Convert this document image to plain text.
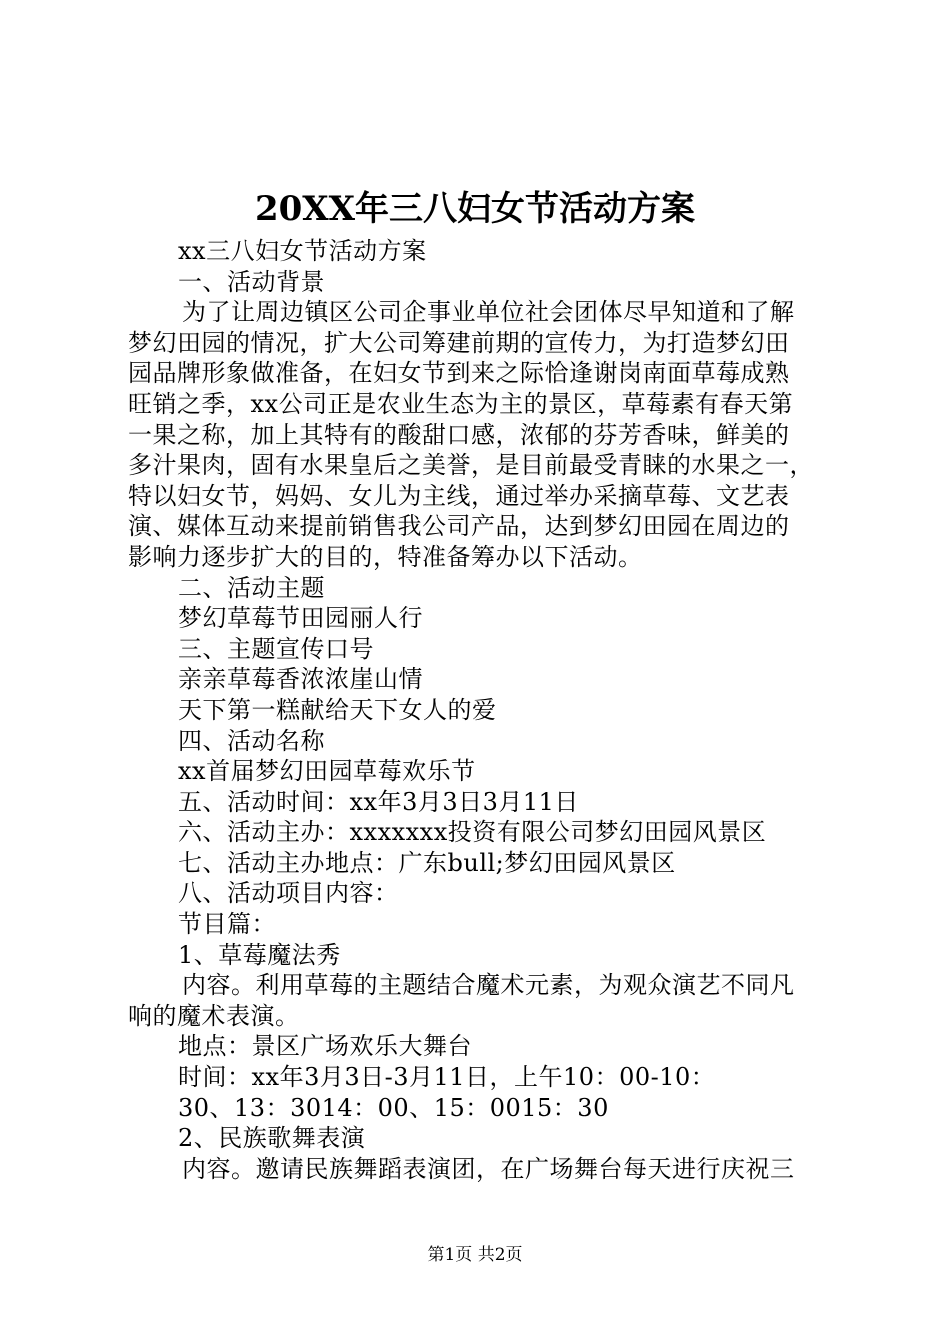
20XX年三八妇女节活动方案
xx三八妇女节活动方案
一、活动背景
为了让周边镇区公司企事业单位社会团体尽早知道和了解
梦幻田园的情况，扩大公司筹建前期的宣传力，为打造梦幻田
园品牌形象做准备，在妇女节到来之际恰逢谢岗南面草莓成熟
旺销之季，xx公司正是农业生态为主的景区，草莓素有春天第
一果之称，加上其特有的酸甜口感，浓郁的芬芳香味，鲜美的
多汁果肉，固有水果皇后之美誉，是目前最受青睐的水果之一，
特以妇女节，妈妈、女儿为主线，通过举办采摘草莓、文艺表
演、媒体互动来提前销售我公司产品，达到梦幻田园在周边的
影响力逐步扩大的目的，特准备筹办以下活动。
二、活动主题
梦幻草莓节田园丽人行
三、主题宣传口号
亲亲草莓香浓浓崖山情
天下第一糕献给天下女人的爱
四、活动名称
xx首届梦幻田园草莓欢乐节
五、活动时间：xx年3月3日3月11日
六、活动主办：xxxxxxx投资有限公司梦幻田园风景区
七、活动主办地点：广东bull;梦幻田园风景区
八、活动项目内容：
节目篇：
1、草莓魔法秀
内容。利用草莓的主题结合魔术元素，为观众演艺不同凡
响的魔术表演。
地点：景区广场欢乐大舞台
时间：xx年3月3日-3月11日，上午10：00-10：
30、13：3014：00、15：0015：30
2、民族歌舞表演
内容。邀请民族舞蹈表演团，在广场舞台每天进行庆祝三
第1页 共2页
